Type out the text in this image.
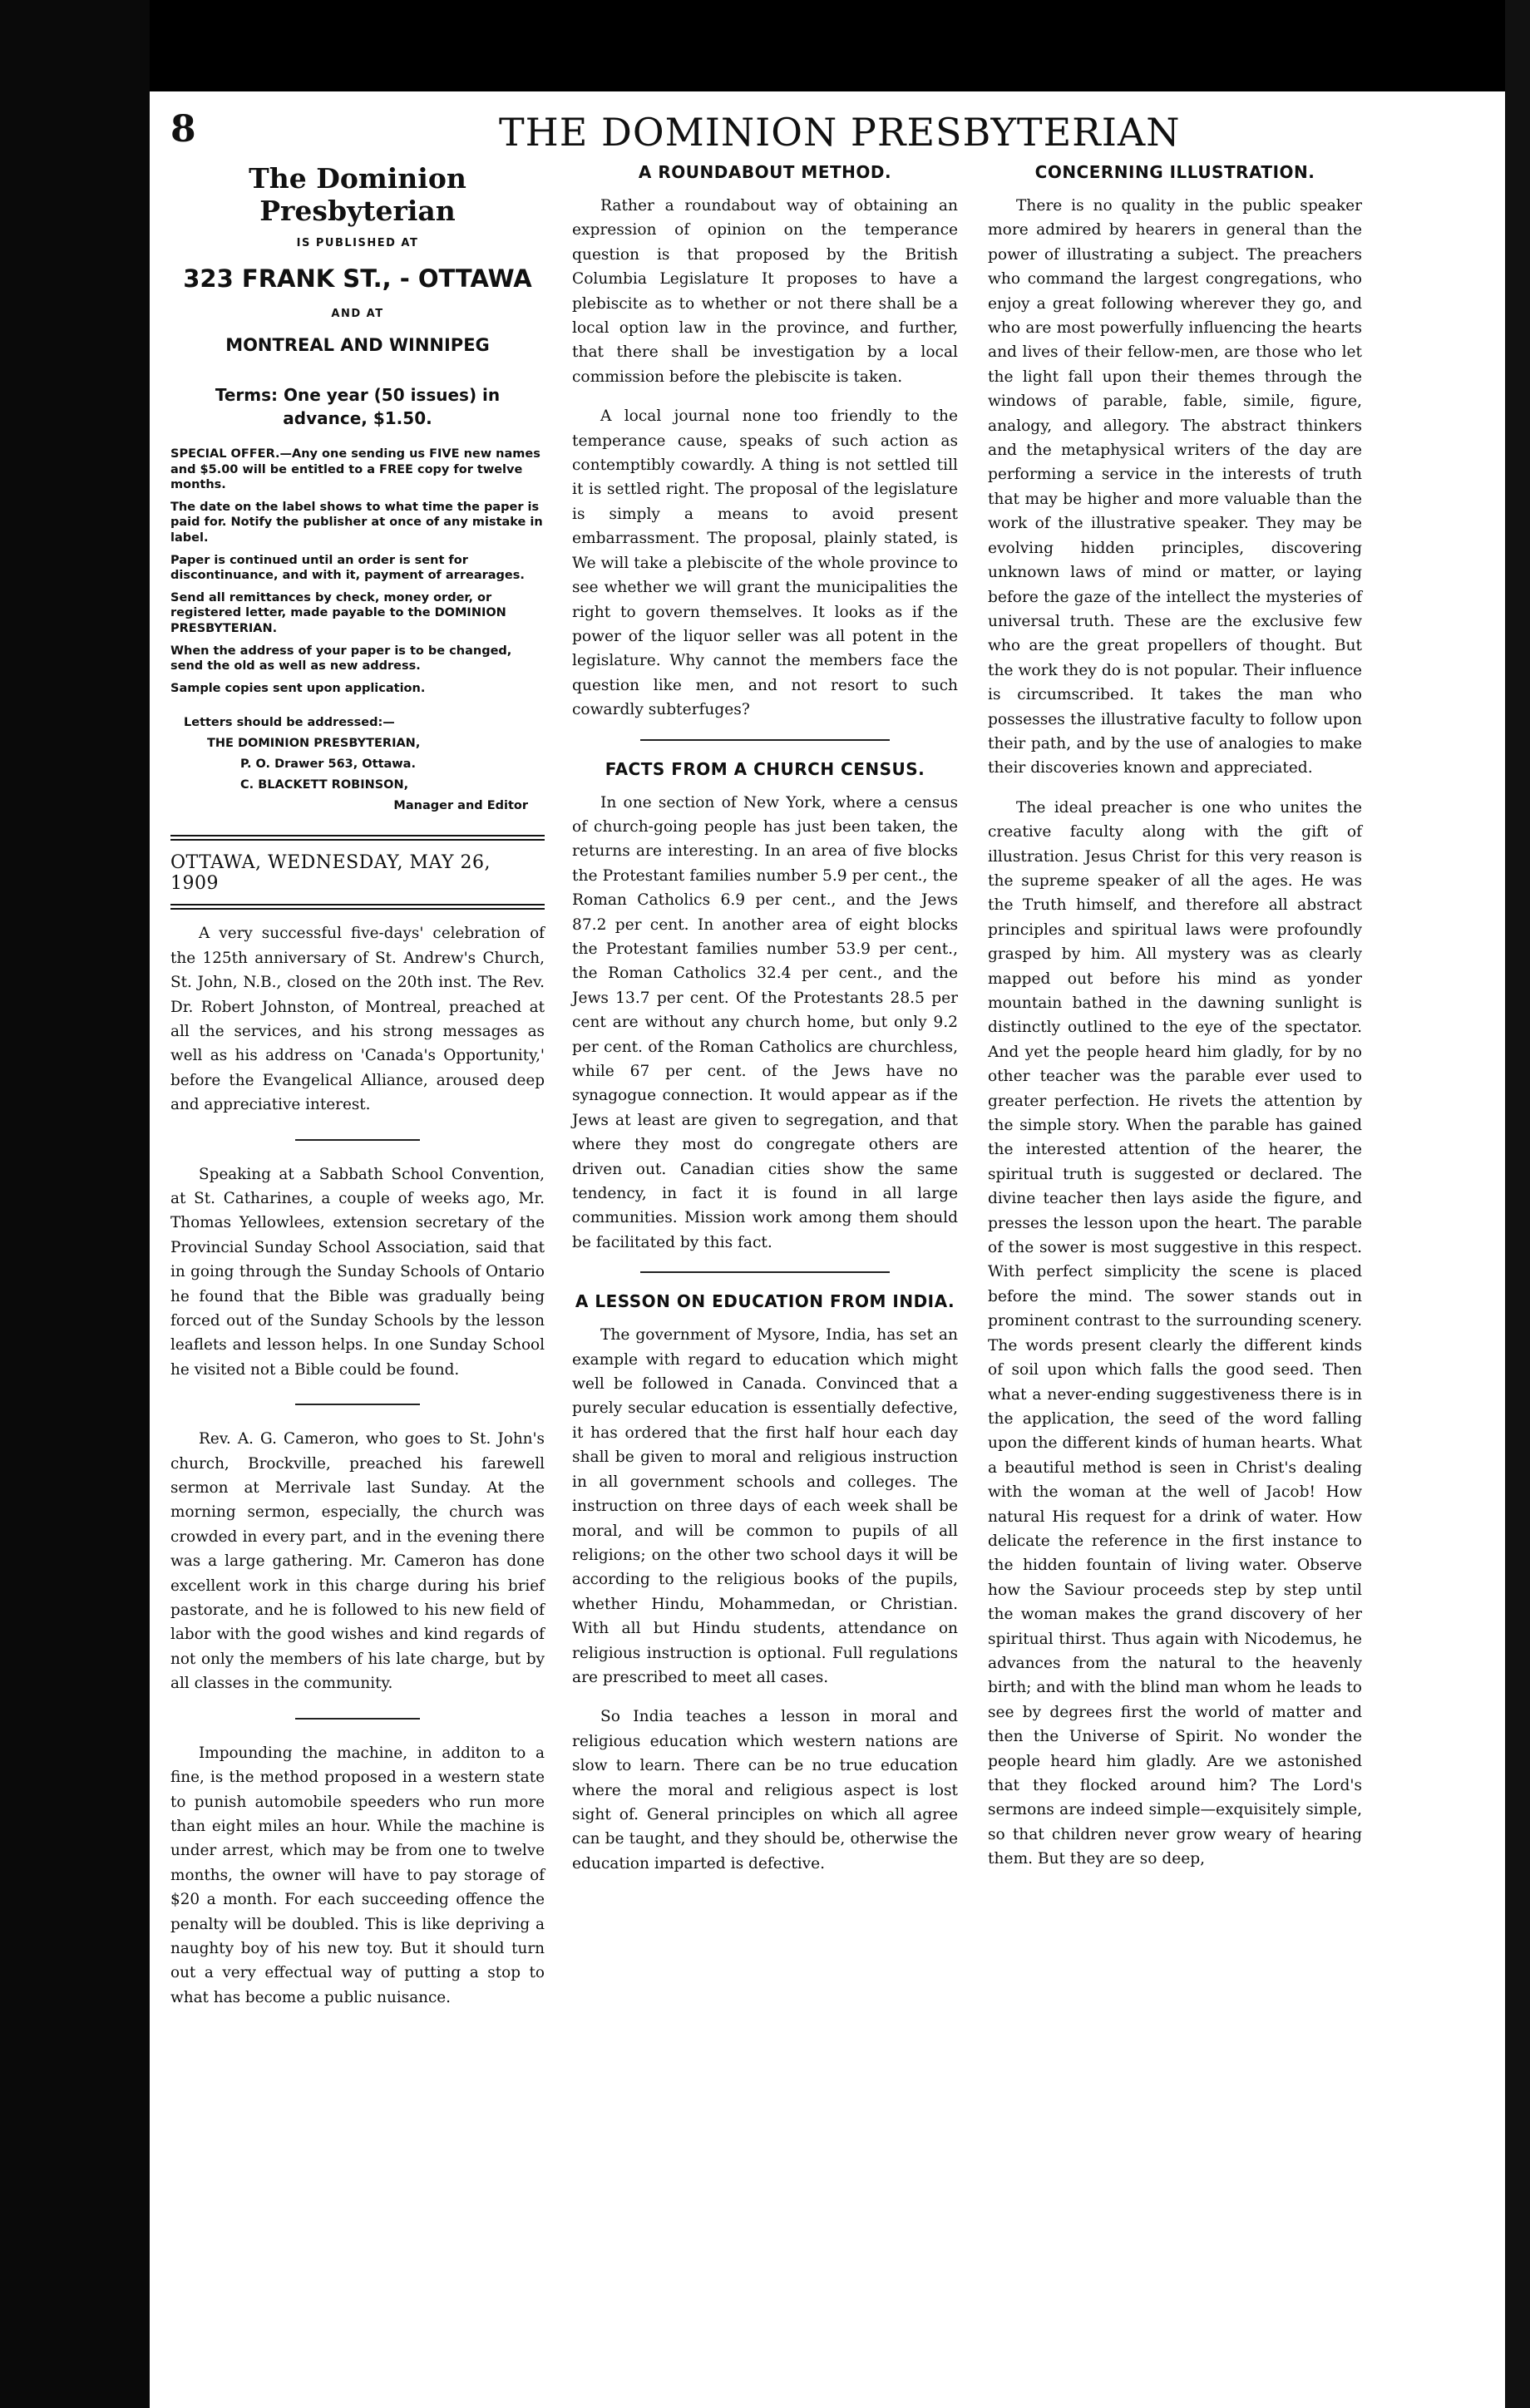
8	THE DOMINION PRESBYTERIAN
The Dominion Presbyterian
IS PUBLISHED AT
323 FRANK ST., - OTTAWA
AND AT
MONTREAL AND WINNIPEG
Terms: One year (50 issues) in advance, $1.50.

SPECIAL OFFER.—Any one sending us FIVE new names and $5.00 will be entitled to a FREE copy for twelve months.

The date on the label shows to what time the paper is paid for. Notify the publisher at once of any mistake in label.

Paper is continued until an order is sent for discontinuance, and with it, payment of arrearages.

Send all remittances by check, money order, or registered letter, made payable to the DOMINION PRESBYTERIAN.

When the address of your paper is to be changed, send the old as well as new address.

Sample copies sent upon application.

Letters should be addressed:—
THE DOMINION PRESBYTERIAN,
P. O. Drawer 563, Ottawa.
C. BLACKETT ROBINSON,
Manager and Editor
OTTAWA, WEDNESDAY, MAY 26, 1909

A very successful five-days' celebration of the 125th anniversary of St. Andrew's Church, St. John, N.B., closed on the 20th inst. The Rev. Dr. Robert Johnston, of Montreal, preached at all the services, and his strong messages as well as his address on 'Canada's Opportunity,' before the Evangelical Alliance, aroused deep and appreciative interest.

Speaking at a Sabbath School Convention, at St. Catharines, a couple of weeks ago, Mr. Thomas Yellowlees, extension secretary of the Provincial Sunday School Association, said that in going through the Sunday Schools of Ontario he found that the Bible was gradually being forced out of the Sunday Schools by the lesson leaflets and lesson helps. In one Sunday School he visited not a Bible could be found.

Rev. A. G. Cameron, who goes to St. John's church, Brockville, preached his farewell sermon at Merrivale last Sunday. At the morning sermon, especially, the church was crowded in every part, and in the evening there was a large gathering. Mr. Cameron has done excellent work in this charge during his brief pastorate, and he is followed to his new field of labor with the good wishes and kind regards of not only the members of his late charge, but by all classes in the community.

Impounding the machine, in additon to a fine, is the method proposed in a western state to punish automobile speeders who run more than eight miles an hour. While the machine is under arrest, which may be from one to twelve months, the owner will have to pay storage of $20 a month. For each succeeding offence the penalty will be doubled. This is like depriving a naughty boy of his new toy. But it should turn out a very effectual way of putting a stop to what has become a public nuisance.

A ROUNDABOUT METHOD.

Rather a roundabout way of obtaining an expression of opinion on the temperance question is that proposed by the British Columbia Legislature It proposes to have a plebiscite as to whether or not there shall be a local option law in the province, and further, that there shall be investigation by a local commission before the plebiscite is taken.

A local journal none too friendly to the temperance cause, speaks of such action as contemptibly cowardly. A thing is not settled till it is settled right. The proposal of the legislature is simply a means to avoid present embarrassment. The proposal, plainly stated, is We will take a plebiscite of the whole province to see whether we will grant the municipalities the right to govern themselves. It looks as if the power of the liquor seller was all potent in the legislature. Why cannot the members face the question like men, and not resort to such cowardly subterfuges?

FACTS FROM A CHURCH CENSUS.

In one section of New York, where a census of church-going people has just been taken, the returns are interesting. In an area of five blocks the Protestant families number 5.9 per cent., the Roman Catholics 6.9 per cent., and the Jews 87.2 per cent. In another area of eight blocks the Protestant families number 53.9 per cent., the Roman Catholics 32.4 per cent., and the Jews 13.7 per cent. Of the Protestants 28.5 per cent are without any church home, but only 9.2 per cent. of the Roman Catholics are churchless, while 67 per cent. of the Jews have no synagogue connection. It would appear as if the Jews at least are given to segregation, and that where they most do congregate others are driven out. Canadian cities show the same tendency, in fact it is found in all large communities. Mission work among them should be facilitated by this fact.

A LESSON ON EDUCATION FROM INDIA.

The government of Mysore, India, has set an example with regard to education which might well be followed in Canada. Convinced that a purely secular education is essentially defective, it has ordered that the first half hour each day shall be given to moral and religious instruction in all government schools and colleges. The instruction on three days of each week shall be moral, and will be common to pupils of all religions; on the other two school days it will be according to the religious books of the pupils, whether Hindu, Mohammedan, or Christian. With all but Hindu students, attendance on religious instruction is optional. Full regulations are prescribed to meet all cases.

So India teaches a lesson in moral and religious education which western nations are slow to learn. There can be no true education where the moral and religious aspect is lost sight of. General principles on which all agree can be taught, and they should be, otherwise the education imparted is defective.

CONCERNING ILLUSTRATION.

There is no quality in the public speaker more admired by hearers in general than the power of illustrating a subject. The preachers who command the largest congregations, who enjoy a great following wherever they go, and who are most powerfully influencing the hearts and lives of their fellow-men, are those who let the light fall upon their themes through the windows of parable, fable, simile, figure, analogy, and allegory. The abstract thinkers and the metaphysical writers of the day are performing a service in the interests of truth that may be higher and more valuable than the work of the illustrative speaker. They may be evolving hidden principles, discovering unknown laws of mind or matter, or laying before the gaze of the intellect the mysteries of universal truth. These are the exclusive few who are the great propellers of thought. But the work they do is not popular. Their influence is circumscribed. It takes the man who possesses the illustrative faculty to follow upon their path, and by the use of analogies to make their discoveries known and appreciated.

The ideal preacher is one who unites the creative faculty along with the gift of illustration. Jesus Christ for this very reason is the supreme speaker of all the ages. He was the Truth himself, and therefore all abstract principles and spiritual laws were profoundly grasped by him. All mystery was as clearly mapped out before his mind as yonder mountain bathed in the dawning sunlight is distinctly outlined to the eye of the spectator. And yet the people heard him gladly, for by no other teacher was the parable ever used to greater perfection. He rivets the attention by the simple story. When the parable has gained the interested attention of the hearer, the spiritual truth is suggested or declared. The divine teacher then lays aside the figure, and presses the lesson upon the heart. The parable of the sower is most suggestive in this respect. With perfect simplicity the scene is placed before the mind. The sower stands out in prominent contrast to the surrounding scenery. The words present clearly the different kinds of soil upon which falls the good seed. Then what a never-ending suggestiveness there is in the application, the seed of the word falling upon the different kinds of human hearts. What a beautiful method is seen in Christ's dealing with the woman at the well of Jacob! How natural His request for a drink of water. How delicate the reference in the first instance to the hidden fountain of living water. Observe how the Saviour proceeds step by step until the woman makes the grand discovery of her spiritual thirst. Thus again with Nicodemus, he advances from the natural to the heavenly birth; and with the blind man whom he leads to see by degrees first the world of matter and then the Universe of Spirit. No wonder the people heard him gladly. Are we astonished that they flocked around him? The Lord's sermons are indeed simple—exquisitely simple, so that children never grow weary of hearing them. But they are so deep,
